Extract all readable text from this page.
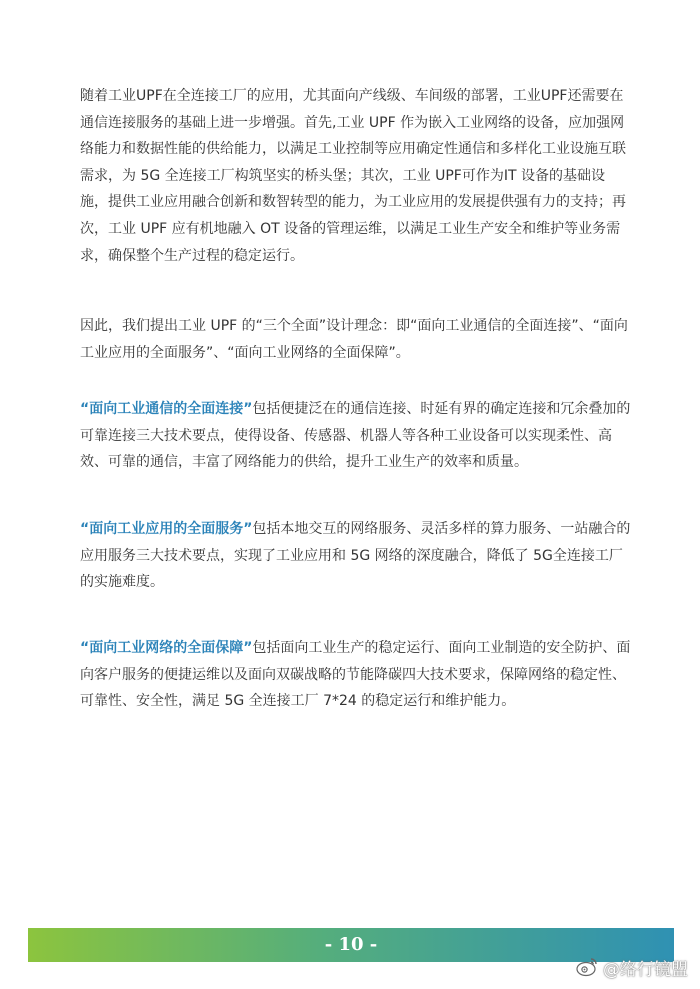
随着工业UPF在全连接工厂的应用，尤其面向产线级、车间级的部署，工业UPF还需要在通信连接服务的基础上进一步增强。首先,工业 UPF 作为嵌入工业网络的设备，应加强网络能力和数据性能的供给能力，以满足工业控制等应用确定性通信和多样化工业设施互联需求，为 5G 全连接工厂构筑坚实的桥头堡；其次，工业 UPF可作为IT 设备的基础设施，提供工业应用融合创新和数智转型的能力，为工业应用的发展提供强有力的支持；再次，工业 UPF 应有机地融入 OT 设备的管理运维，以满足工业生产安全和维护等业务需求，确保整个生产过程的稳定运行。

因此，我们提出工业 UPF 的“三个全面”设计理念：即“面向工业通信的全面连接”、“面向工业应用的全面服务”、“面向工业网络的全面保障”。

“面向工业通信的全面连接”包括便捷泛在的通信连接、时延有界的确定连接和冗余叠加的可靠连接三大技术要点，使得设备、传感器、机器人等各种工业设备可以实现柔性、高效、可靠的通信，丰富了网络能力的供给，提升工业生产的效率和质量。

“面向工业应用的全面服务”包括本地交互的网络服务、灵活多样的算力服务、一站融合的应用服务三大技术要点，实现了工业应用和 5G 网络的深度融合，降低了 5G全连接工厂的实施难度。

“面向工业网络的全面保障”包括面向工业生产的稳定运行、面向工业制造的安全防护、面向客户服务的便捷运维以及面向双碳战略的节能降碳四大技术要求，保障网络的稳定性、可靠性、安全性，满足 5G 全连接工厂 7*24 的稳定运行和维护能力。

- 10 -
@络行镜盟
